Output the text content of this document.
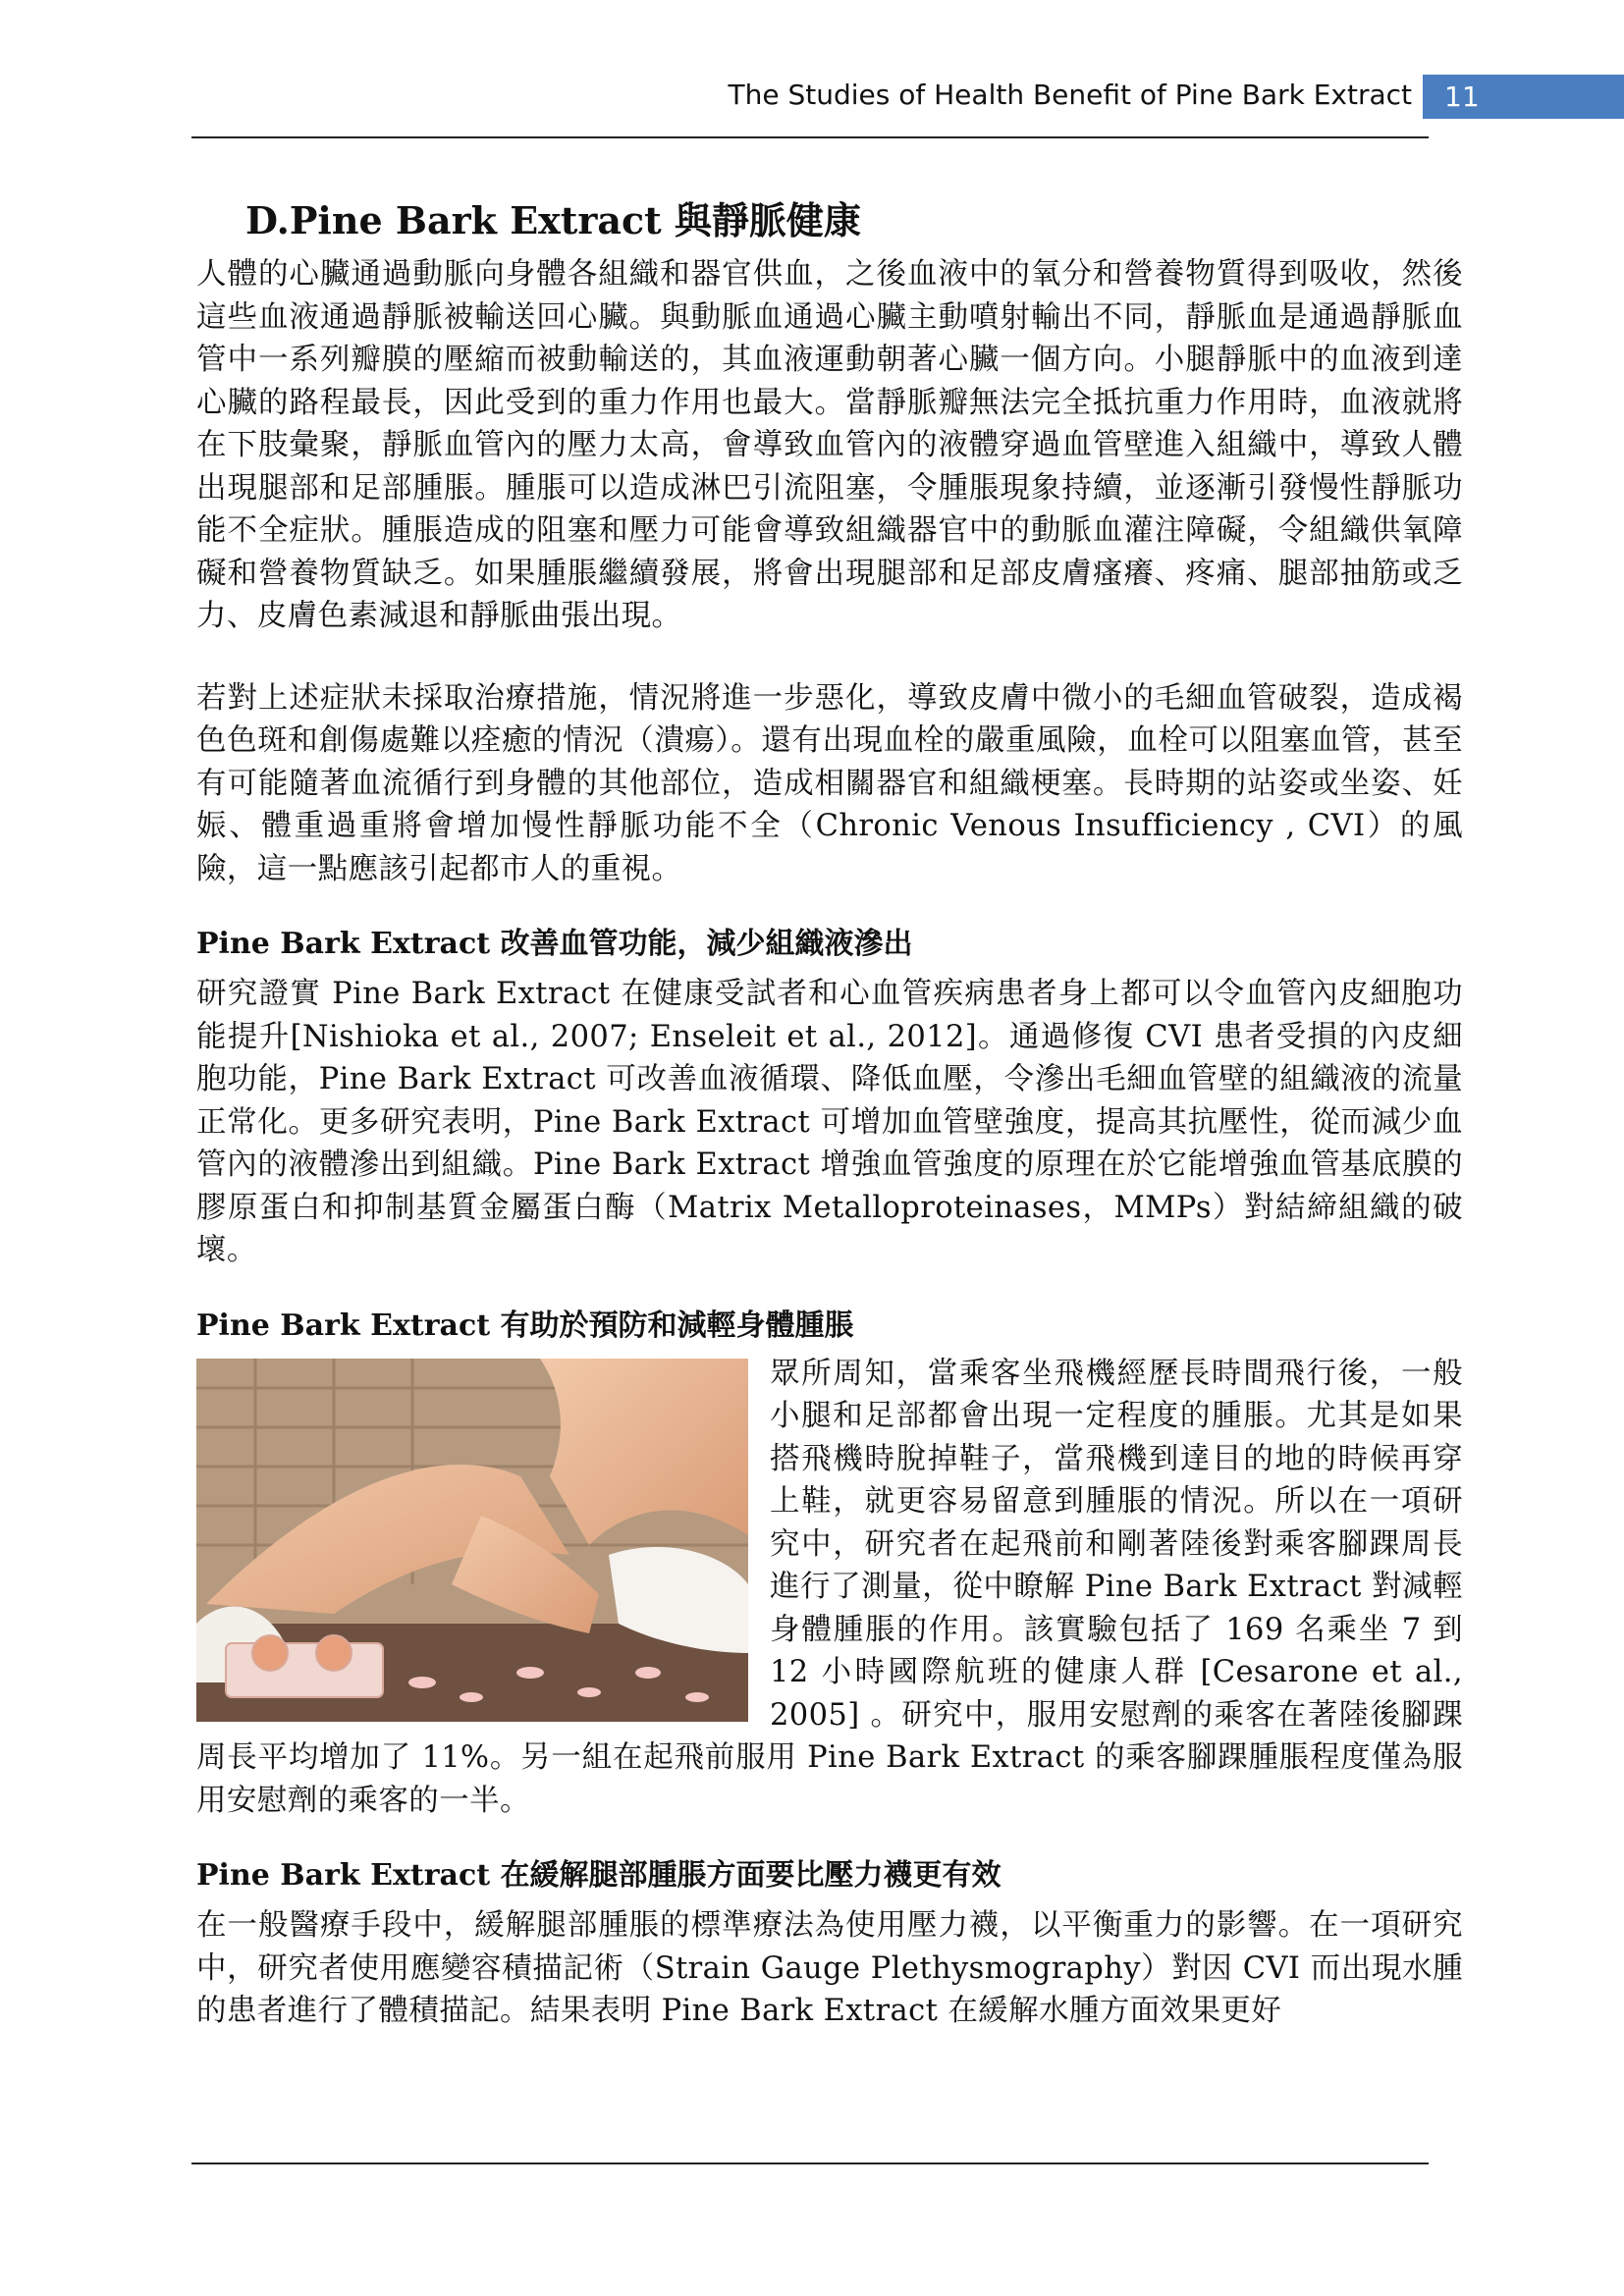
The Studies of Health Benefit of Pine Bark Extract	11
D.Pine Bark Extract 與靜脈健康

人體的心臟通過動脈向身體各組織和器官供血，之後血液中的氧分和營養物質得到吸收，然後這些血液通過靜脈被輸送回心臟。與動脈血通過心臟主動噴射輸出不同，靜脈血是通過靜脈血管中一系列瓣膜的壓縮而被動輸送的，其血液運動朝著心臟一個方向。小腿靜脈中的血液到達心臟的路程最長，因此受到的重力作用也最大。當靜脈瓣無法完全抵抗重力作用時，血液就將在下肢彙聚，靜脈血管內的壓力太高，會導致血管內的液體穿過血管壁進入組織中，導致人體出現腿部和足部腫脹。腫脹可以造成淋巴引流阻塞，令腫脹現象持續，並逐漸引發慢性靜脈功能不全症狀。腫脹造成的阻塞和壓力可能會導致組織器官中的動脈血灌注障礙，令組織供氧障礙和營養物質缺乏。如果腫脹繼續發展，將會出現腿部和足部皮膚瘙癢、疼痛、腿部抽筋或乏力、皮膚色素減退和靜脈曲張出現。

若對上述症狀未採取治療措施，情況將進一步惡化，導致皮膚中微小的毛細血管破裂，造成褐色色斑和創傷處難以痊癒的情況（潰瘍）。還有出現血栓的嚴重風險，血栓可以阻塞血管，甚至有可能隨著血流循行到身體的其他部位，造成相關器官和組織梗塞。長時期的站姿或坐姿、妊娠、體重過重將會增加慢性靜脈功能不全（Chronic Venous Insufficiency , CVI）的風險，這一點應該引起都市人的重視。

Pine Bark Extract 改善血管功能，減少組織液滲出

研究證實 Pine Bark Extract 在健康受試者和心血管疾病患者身上都可以令血管內皮細胞功能提升[Nishioka et al., 2007; Enseleit et al., 2012]。通過修復 CVI 患者受損的內皮細胞功能，Pine Bark Extract 可改善血液循環、降低血壓，令滲出毛細血管壁的組織液的流量正常化。更多研究表明，Pine Bark Extract 可增加血管壁強度，提高其抗壓性，從而減少血管內的液體滲出到組織。Pine Bark Extract 增強血管強度的原理在於它能增強血管基底膜的膠原蛋白和抑制基質金屬蛋白酶（Matrix Metalloproteinases，MMPs）對結締組織的破壞。

Pine Bark Extract 有助於預防和減輕身體腫脹

眾所周知，當乘客坐飛機經歷長時間飛行後，一般小腿和足部都會出現一定程度的腫脹。尤其是如果搭飛機時脫掉鞋子，當飛機到達目的地的時候再穿上鞋，就更容易留意到腫脹的情況。所以在一項研究中，研究者在起飛前和剛著陸後對乘客腳踝周長進行了測量，從中瞭解 Pine Bark Extract 對減輕身體腫脹的作用。該實驗包括了 169 名乘坐 7 到 12 小時國際航班的健康人群 [Cesarone et al., 2005] 。研究中，服用安慰劑的乘客在著陸後腳踝周長平均增加了 11%。另一組在起飛前服用 Pine Bark Extract 的乘客腳踝腫脹程度僅為服用安慰劑的乘客的一半。

Pine Bark Extract 在緩解腿部腫脹方面要比壓力襪更有效

在一般醫療手段中，緩解腿部腫脹的標準療法為使用壓力襪，以平衡重力的影響。在一項研究中，研究者使用應變容積描記術（Strain Gauge Plethysmography）對因 CVI 而出現水腫的患者進行了體積描記。結果表明 Pine Bark Extract 在緩解水腫方面效果更好
